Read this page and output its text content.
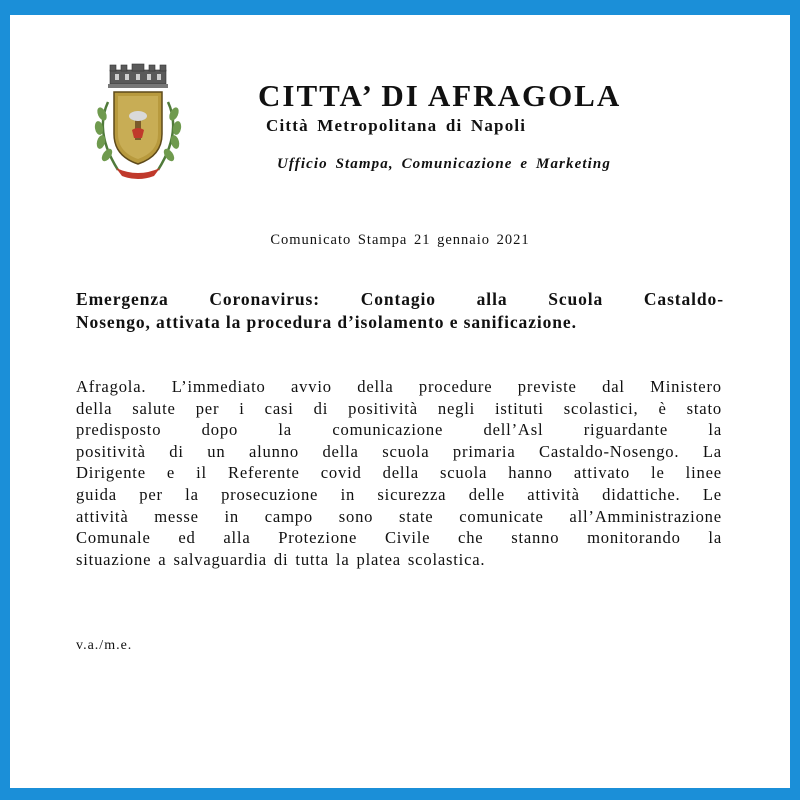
CITTA’ DI AFRAGOLA
Città Metropolitana di Napoli
Ufficio Stampa, Comunicazione e Marketing
Comunicato Stampa 21 gennaio 2021
Emergenza Coronavirus: Contagio alla Scuola Castaldo-
Nosengo, attivata la procedura d’isolamento e sanificazione.
Afragola. L’immediato avvio della procedure previste dal Ministero
della salute per i casi di positività negli istituti scolastici, è stato
predisposto dopo la comunicazione dell’Asl riguardante la
positività di un alunno della scuola primaria Castaldo-Nosengo. La
Dirigente e il Referente covid della scuola hanno attivato le linee
guida per la prosecuzione in sicurezza delle attività didattiche. Le
attività messe in campo sono state comunicate all’Amministrazione
Comunale ed alla Protezione Civile che stanno monitorando la
situazione a salvaguardia di tutta la platea scolastica.
v.a./m.e.
